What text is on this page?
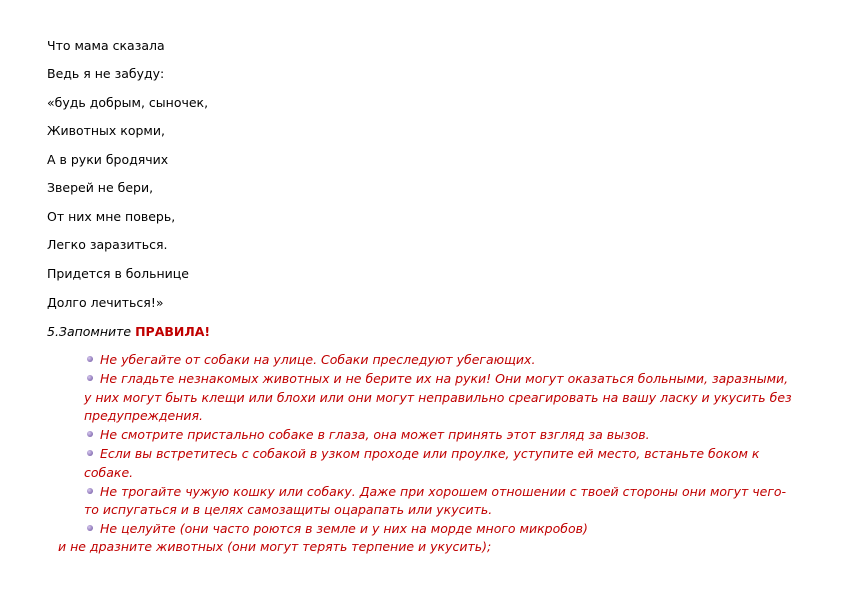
Что мама сказала
Ведь я не забуду:
«будь добрым, сыночек,
Животных корми,
А в руки бродячих
Зверей не бери,
От них мне поверь,
Легко заразиться.
Придется в больнице
Долго лечиться!»
5.Запомните ПРАВИЛА!
Не убегайте от собаки на улице. Собаки преследуют убегающих.
Не гладьте незнакомых животных и не берите их на руки! Они могут оказаться больными, заразными, у них могут быть клещи или блохи или они могут неправильно среагировать на вашу ласку и укусить без предупреждения.
Не смотрите пристально собаке в глаза, она может принять этот взгляд за вызов.
Если вы встретитесь с собакой в узком проходе или проулке, уступите ей место, встаньте боком к собаке.
Не трогайте чужую кошку или собаку. Даже при хорошем отношении с твоей стороны они могут чего- то испугаться и в целях самозащиты оцарапать или укусить.
Не целуйте (они часто роются в земле и у них на морде много микробов)
и не дразните животных (они могут терять терпение и укусить);
